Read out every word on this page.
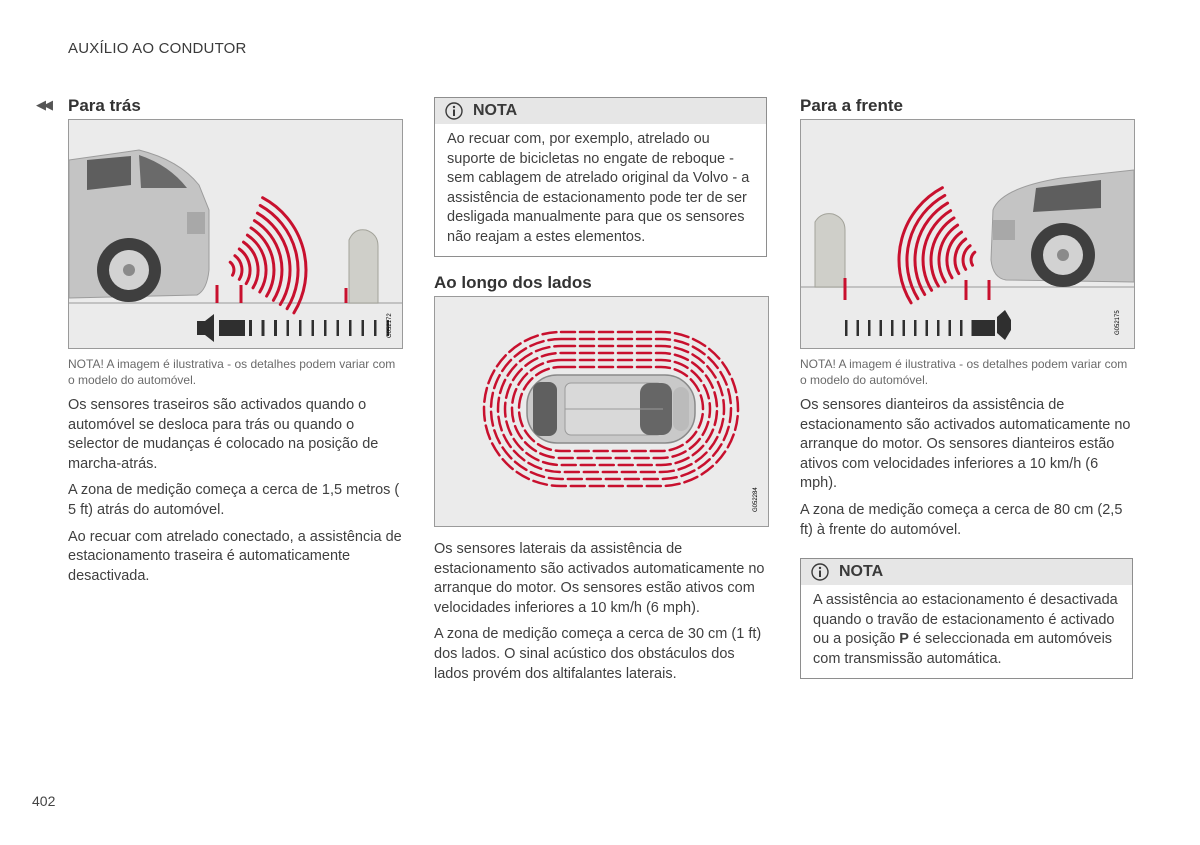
AUXÍLIO AO CONDUTOR
◀◀ Para trás
G052172
NOTA! A imagem é ilustrativa - os detalhes podem variar com o modelo do automóvel.

Os sensores traseiros são activados quando o automóvel se desloca para trás ou quando o selector de mudanças é colocado na posição de marcha-atrás.

A zona de medição começa a cerca de 1,5 metros ( 5 ft) atrás do automóvel.

Ao recuar com atrelado conectado, a assistência de estacionamento traseira é automaticamente desactivada.

NOTA
Ao recuar com, por exemplo, atrelado ou suporte de bicicletas no engate de reboque - sem cablagem de atrelado original da Volvo - a assistência de estacionamento pode ter de ser desligada manualmente para que os sensores não reajam a estes elementos.
Ao longo dos lados
G052284

Os sensores laterais da assistência de estacionamento são activados automaticamente no arranque do motor. Os sensores estão ativos com velocidades inferiores a 10 km/h (6 mph).

A zona de medição começa a cerca de 30 cm (1 ft) dos lados. O sinal acústico dos obstáculos dos lados provém dos altifalantes laterais.

Para a frente
G052175
NOTA! A imagem é ilustrativa - os detalhes podem variar com o modelo do automóvel.

Os sensores dianteiros da assistência de estacionamento são activados automaticamente no arranque do motor. Os sensores dianteiros estão ativos com velocidades inferiores a 10 km/h (6 mph).

A zona de medição começa a cerca de 80 cm (2,5 ft) à frente do automóvel.

NOTA
A assistência ao estacionamento é desactivada quando o travão de estacionamento é activado ou a posição P é seleccionada em automóveis com transmissão automática.
402
